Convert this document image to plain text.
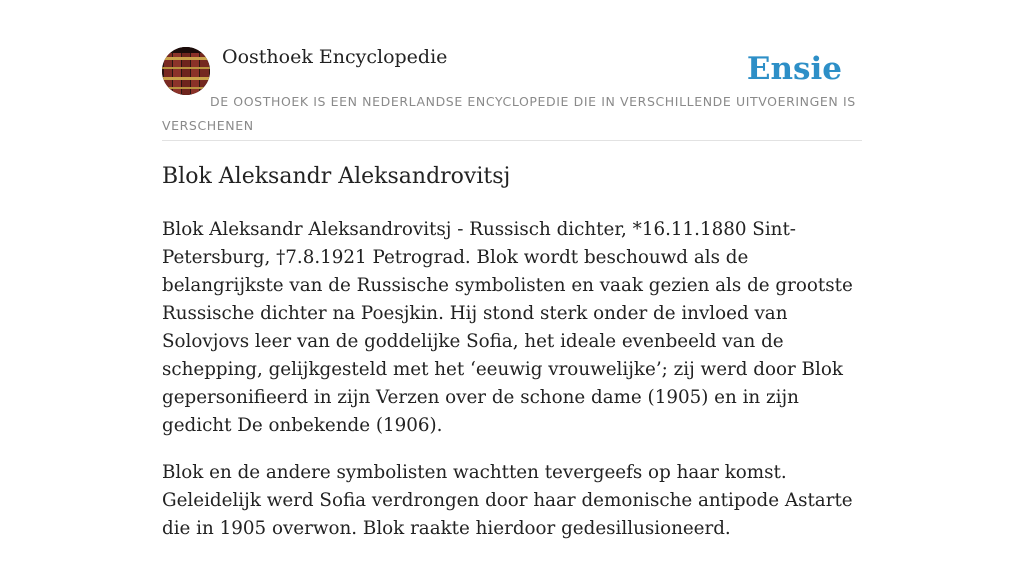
Oosthoek Encyclopedie	Ensie
DE OOSTHOEK IS EEN NEDERLANDSE ENCYCLOPEDIE DIE IN VERSCHILLENDE UITVOERINGEN IS VERSCHENEN
Blok Aleksandr Aleksandrovitsj

Blok Aleksandr Aleksandrovitsj - Russisch dichter, *16.11.1880 Sint-Petersburg, †7.8.1921 Petrograd. Blok wordt beschouwd als de belangrijkste van de Russische symbolisten en vaak gezien als de grootste Russische dichter na Poesjkin. Hij stond sterk onder de invloed van Solovjovs leer van de goddelijke Sofia, het ideale evenbeeld van de schepping, gelijkgesteld met het ‘eeuwig vrouwelijke’; zij werd door Blok gepersonifieerd in zijn Verzen over de schone dame (1905) en in zijn gedicht De onbekende (1906).

Blok en de andere symbolisten wachtten tevergeefs op haar komst. Geleidelijk werd Sofia verdrongen door haar demonische antipode Astarte die in 1905 overwon. Blok raakte hierdoor gedesillusioneerd.
